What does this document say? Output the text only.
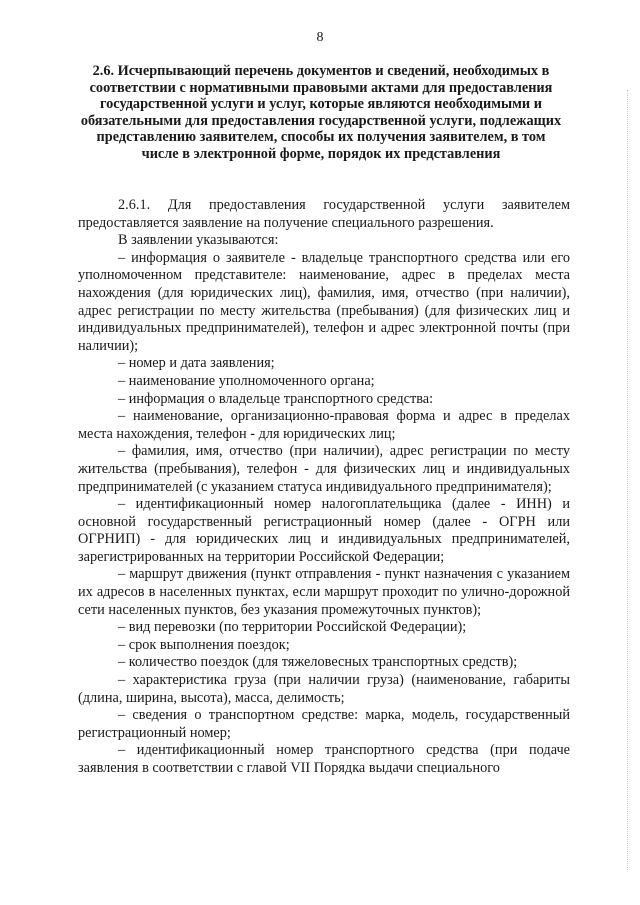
8
2.6. Исчерпывающий перечень документов и сведений, необходимых в соответствии с нормативными правовыми актами для предоставления государственной услуги и услуг, которые являются необходимыми и обязательными для предоставления государственной услуги, подлежащих представлению заявителем, способы их получения заявителем, в том числе в электронной форме, порядок их представления

2.6.1. Для предоставления государственной услуги заявителем предоставляется заявление на получение специального разрешения.

В заявлении указываются:

– информация о заявителе - владельце транспортного средства или его уполномоченном представителе: наименование, адрес в пределах места нахождения (для юридических лиц), фамилия, имя, отчество (при наличии), адрес регистрации по месту жительства (пребывания) (для физических лиц и индивидуальных предпринимателей), телефон и адрес электронной почты (при наличии);

– номер и дата заявления;

– наименование уполномоченного органа;

– информация о владельце транспортного средства:

– наименование, организационно-правовая форма и адрес в пределах места нахождения, телефон - для юридических лиц;

– фамилия, имя, отчество (при наличии), адрес регистрации по месту жительства (пребывания), телефон - для физических лиц и индивидуальных предпринимателей (с указанием статуса индивидуального предпринимателя);

– идентификационный номер налогоплательщика (далее - ИНН) и основной государственный регистрационный номер (далее - ОГРН или ОГРНИП) - для юридических лиц и индивидуальных предпринимателей, зарегистрированных на территории Российской Федерации;

– маршрут движения (пункт отправления - пункт назначения с указанием их адресов в населенных пунктах, если маршрут проходит по улично-дорожной сети населенных пунктов, без указания промежуточных пунктов);

– вид перевозки (по территории Российской Федерации);

– срок выполнения поездок;

– количество поездок (для тяжеловесных транспортных средств);

– характеристика груза (при наличии груза) (наименование, габариты (длина, ширина, высота), масса, делимость;

– сведения о транспортном средстве: марка, модель, государственный регистрационный номер;

– идентификационный номер транспортного средства (при подаче заявления в соответствии с главой VII Порядка выдачи специального
